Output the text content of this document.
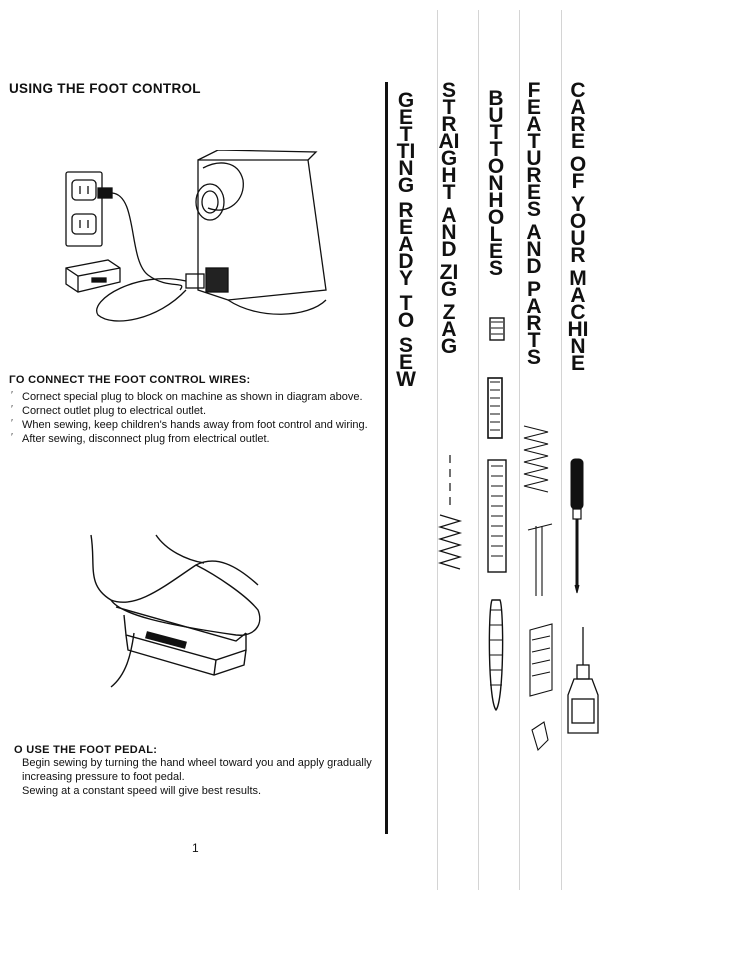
USING THE FOOT CONTROL
ΓO CONNECT THE FOOT CONTROL WIRES:
′ Cornect special plug to block on machine as shown in diagram above.
′ Cornect outlet plug to electrical outlet.
′ When sewing, keep children's hands away from foot control and wiring.
′ After sewing, disconnect plug from electrical outlet.
O USE THE FOOT PEDAL:
Begin sewing by turning the hand wheel toward you and apply gradually increasing pressure to foot pedal.
Sewing at a constant speed will give best results.
1
GETTING
READY
TO
SEW
STRAIGHT
AND
ZIG
ZAG
BUTTONHOLES
FEATURES
AND
PARTS
CARE
OF
YOUR
MACHINE
